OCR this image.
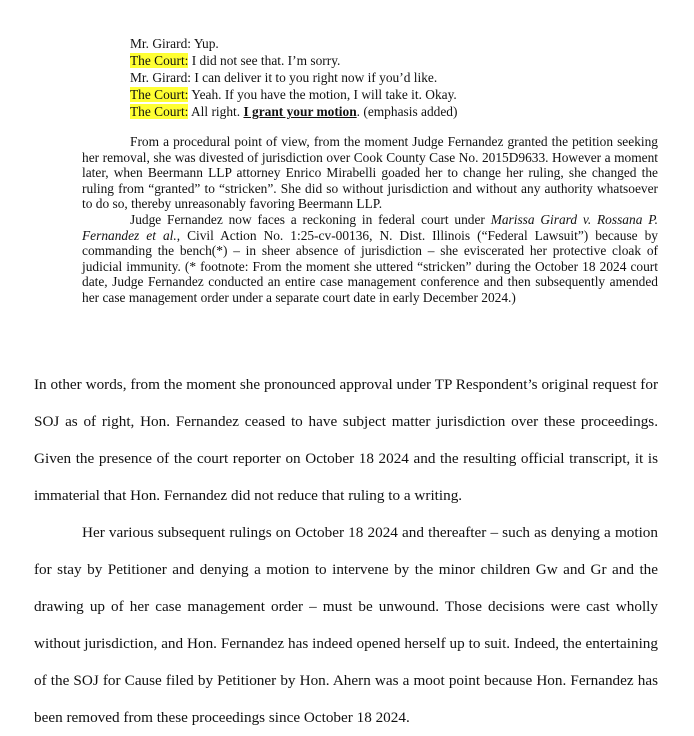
Mr. Girard: Yup.
The Court: I did not see that. I’m sorry.
Mr. Girard: I can deliver it to you right now if you’d like.
The Court: Yeah. If you have the motion, I will take it. Okay.
The Court: All right. I grant your motion. (emphasis added)

From a procedural point of view, from the moment Judge Fernandez granted the petition seeking her removal, she was divested of jurisdiction over Cook County Case No. 2015D9633. However a moment later, when Beermann LLP attorney Enrico Mirabelli goaded her to change her ruling, she changed the ruling from “granted” to “stricken”. She did so without jurisdiction and without any authority whatsoever to do so, thereby unreasonably favoring Beermann LLP.

Judge Fernandez now faces a reckoning in federal court under Marissa Girard v. Rossana P. Fernandez et al., Civil Action No. 1:25-cv-00136, N. Dist. Illinois (“Federal Lawsuit”) because by commanding the bench(*) – in sheer absence of jurisdiction – she eviscerated her protective cloak of judicial immunity. (* footnote: From the moment she uttered “stricken” during the October 18 2024 court date, Judge Fernandez conducted an entire case management conference and then subsequently amended her case management order under a separate court date in early December 2024.)

In other words, from the moment she pronounced approval under TP Respondent’s original request for SOJ as of right, Hon. Fernandez ceased to have subject matter jurisdiction over these proceedings. Given the presence of the court reporter on October 18 2024 and the resulting official transcript, it is immaterial that Hon. Fernandez did not reduce that ruling to a writing.

Her various subsequent rulings on October 18 2024 and thereafter – such as denying a motion for stay by Petitioner and denying a motion to intervene by the minor children Gw and Gr and the drawing up of her case management order – must be unwound. Those decisions were cast wholly without jurisdiction, and Hon. Fernandez has indeed opened herself up to suit. Indeed, the entertaining of the SOJ for Cause filed by Petitioner by Hon. Ahern was a moot point because Hon. Fernandez has been removed from these proceedings since October 18 2024.
